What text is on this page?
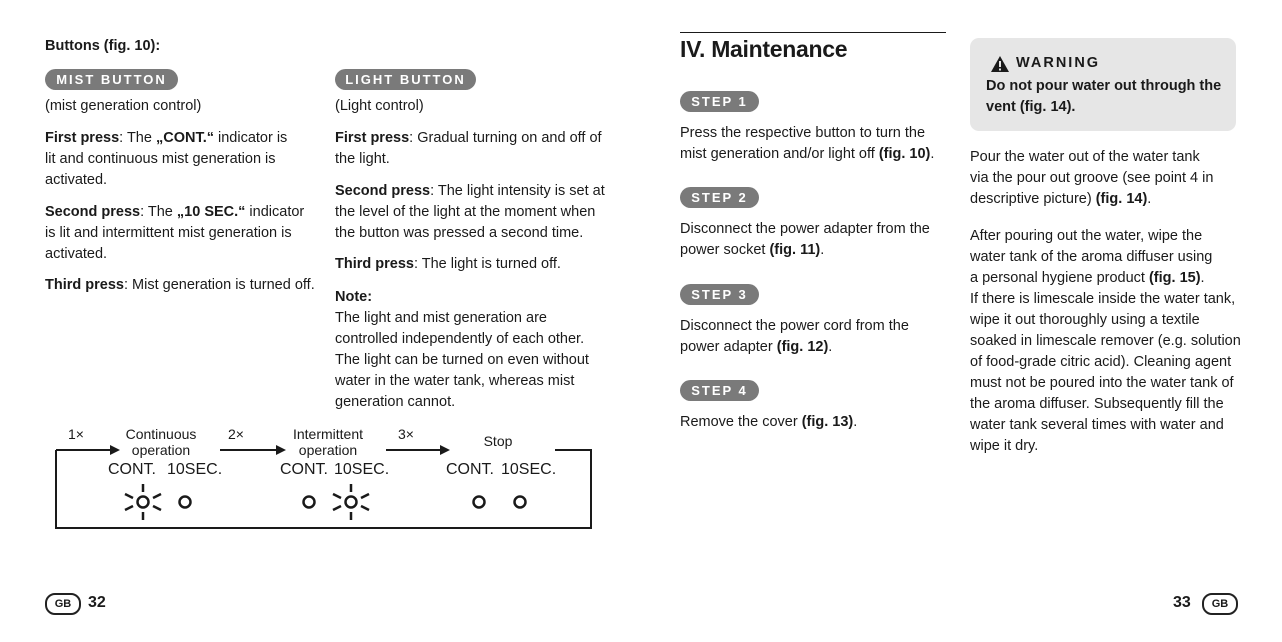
Buttons (fig. 10):
MIST BUTTON
(mist generation control)
First press: The „CONT.“ indicator is
lit and continuous mist generation is
activated.
Second press: The „10 SEC.“ indicator
is lit and intermittent mist generation is
activated.
Third press: Mist generation is turned off.
LIGHT BUTTON
(Light control)
First press: Gradual turning on and off of
the light.
Second press: The light intensity is set at
the level of the light at the moment when
the button was pressed a second time.
Third press: The light is turned off.
Note:
The light and mist generation are
controlled independently of each other.
The light can be turned on even without
water in the water tank, whereas mist
generation cannot.
1×	2×	3×
Continuous
operation
Intermittent
operation
Stop
CONT. 10SEC.	CONT. 10SEC.	CONT. 10SEC.
GB	32
IV. Maintenance
STEP 1
Press the respective button to turn the
mist generation and/or light off (fig. 10).
STEP 2
Disconnect the power adapter from the
power socket (fig. 11).
STEP 3
Disconnect the power cord from the
power adapter (fig. 12).
STEP 4
Remove the cover (fig. 13).
WARNING
Do not pour water out through the
vent (fig. 14).
Pour the water out of the water tank
via the pour out groove (see point 4 in
descriptive picture) (fig. 14).
After pouring out the water, wipe the
water tank of the aroma diffuser using
a personal hygiene product (fig. 15).
If there is limescale inside the water tank,
wipe it out thoroughly using a textile
soaked in limescale remover (e.g. solution
of food-grade citric acid). Cleaning agent
must not be poured into the water tank of
the aroma diffuser. Subsequently fill the
water tank several times with water and
wipe it dry.
33	GB
